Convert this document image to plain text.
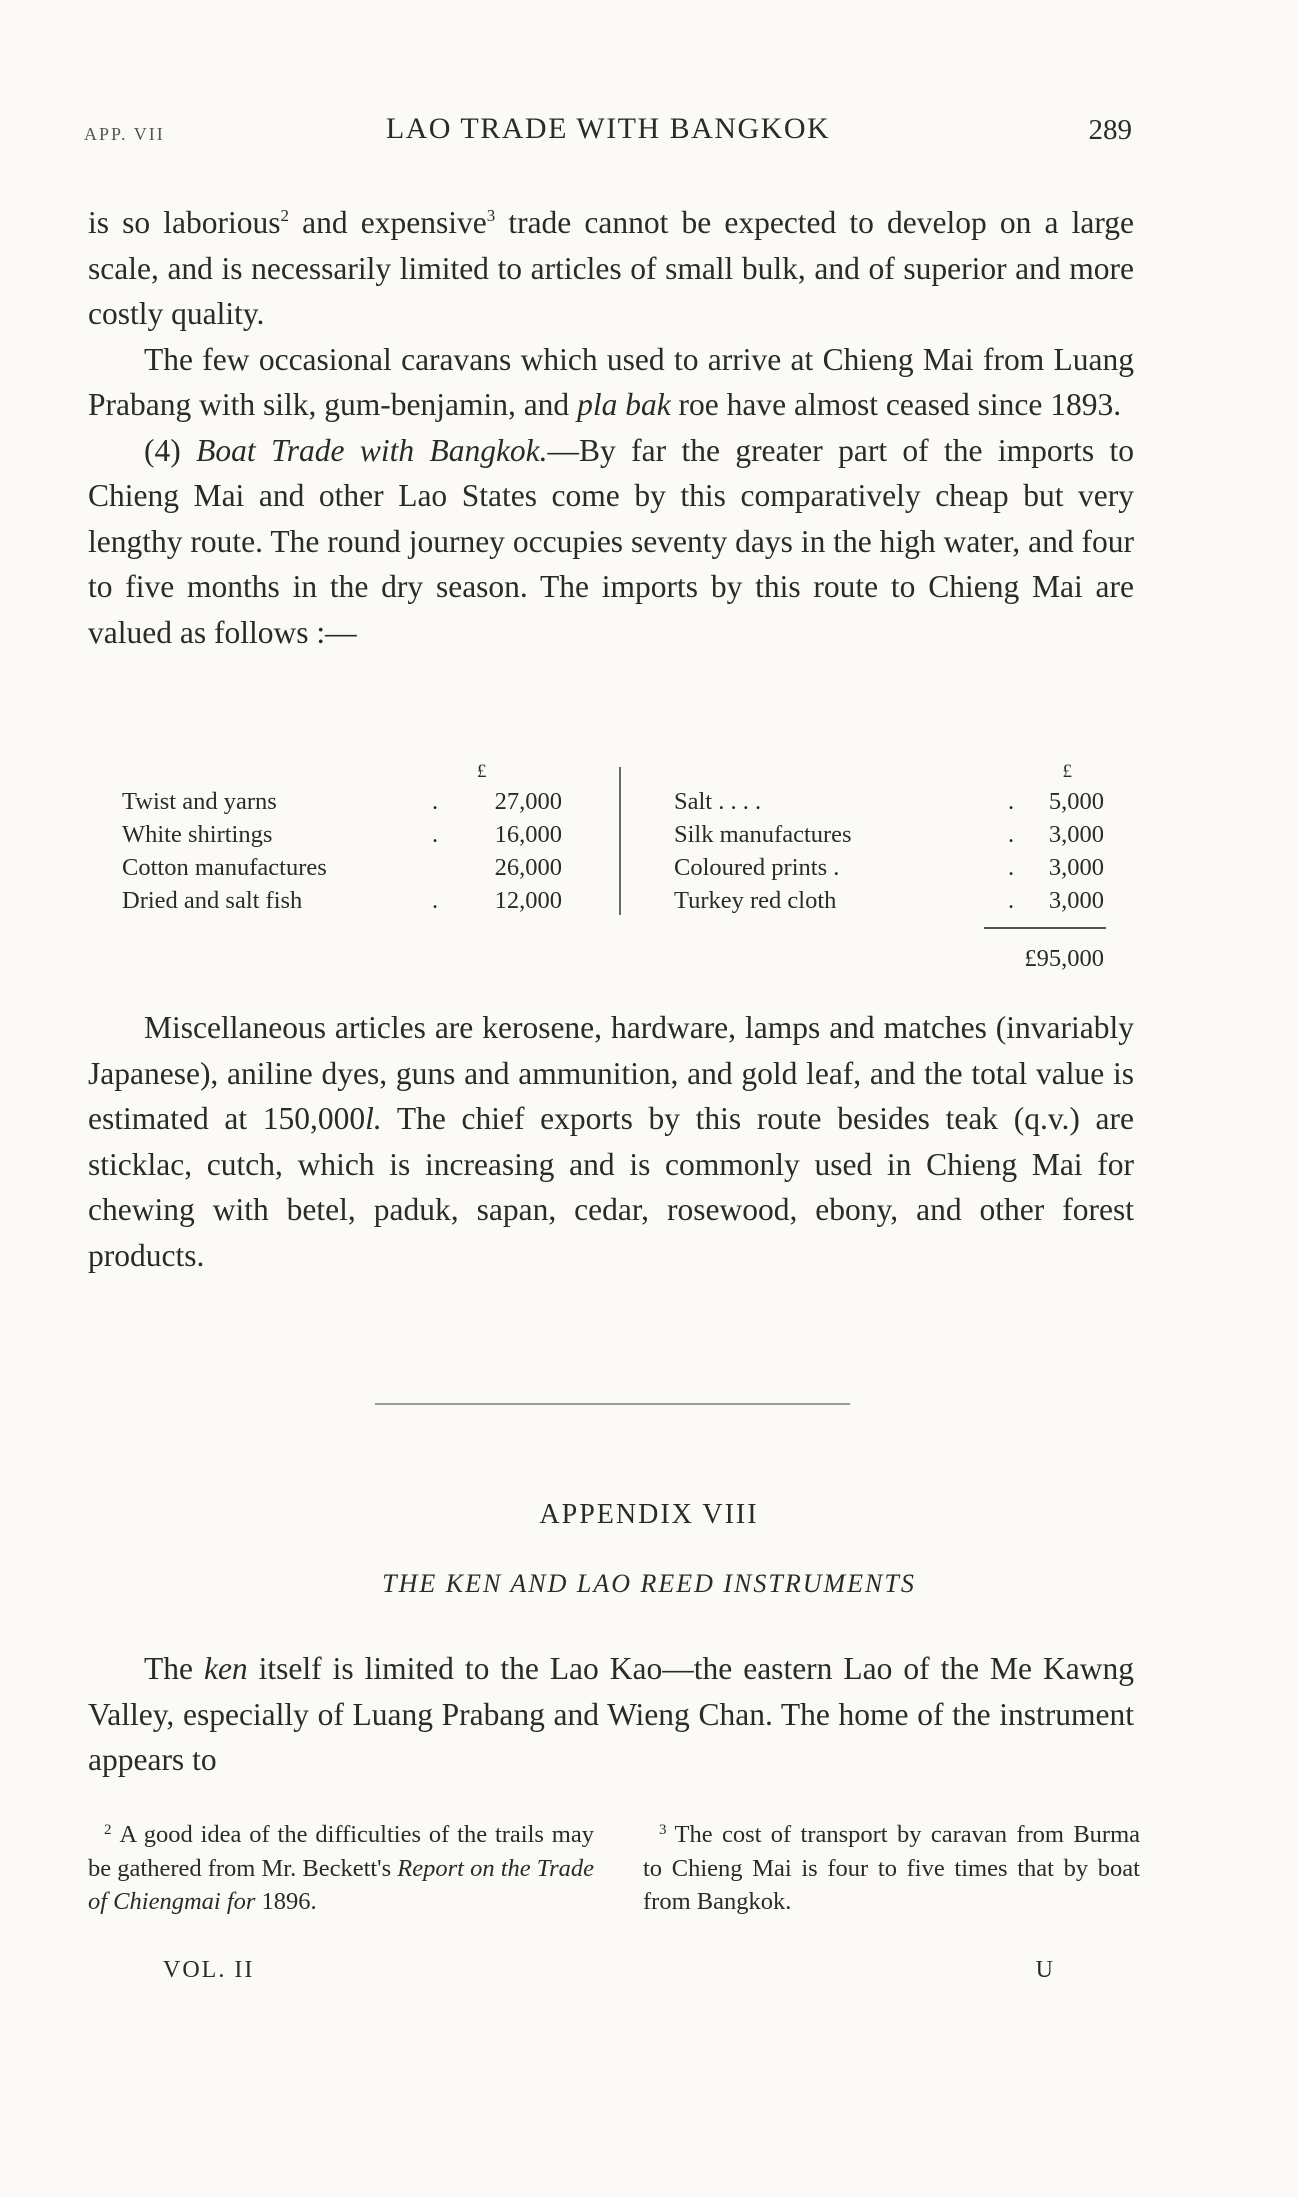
APP. VII	LAO TRADE WITH BANGKOK	289

is so laborious$^2$ and expensive$^3$ trade cannot be expected to develop on a large scale, and is necessarily limited to articles of small bulk, and of superior and more costly quality.

The few occasional caravans which used to arrive at Chieng Mai from Luang Prabang with silk, gum-benjamin, and pla bak roe have almost ceased since 1893.

(4) Boat Trade with Bangkok.—By far the greater part of the imports to Chieng Mai and other Lao States come by this comparatively cheap but very lengthy route. The round journey occupies seventy days in the high water, and four to five months in the dry season. The imports by this route to Chieng Mai are valued as follows :—

£
Twist and yarns	.	27,000
White shirtings	.	16,000
Cotton manufactures	26,000
Dried and salt fish	.	12,000
£
Salt . . . .	.	5,000
Silk manufactures	.	3,000
Coloured prints .	.	3,000
Turkey red cloth	.	3,000
£95,000

Miscellaneous articles are kerosene, hardware, lamps and matches (invariably Japanese), aniline dyes, guns and ammunition, and gold leaf, and the total value is estimated at 150,000l. The chief exports by this route besides teak (q.v.) are sticklac, cutch, which is increasing and is commonly used in Chieng Mai for chewing with betel, paduk, sapan, cedar, rosewood, ebony, and other forest products.

APPENDIX VIII
THE KEN AND LAO REED INSTRUMENTS

The ken itself is limited to the Lao Kao—the eastern Lao of the Me Kawng Valley, especially of Luang Prabang and Wieng Chan. The home of the instrument appears to

$^2$ A good idea of the difficulties of the trails may be gathered from Mr. Beckett's Report on the Trade of Chiengmai for 1896.

$^3$ The cost of transport by caravan from Burma to Chieng Mai is four to five times that by boat from Bangkok.

VOL. II	U
